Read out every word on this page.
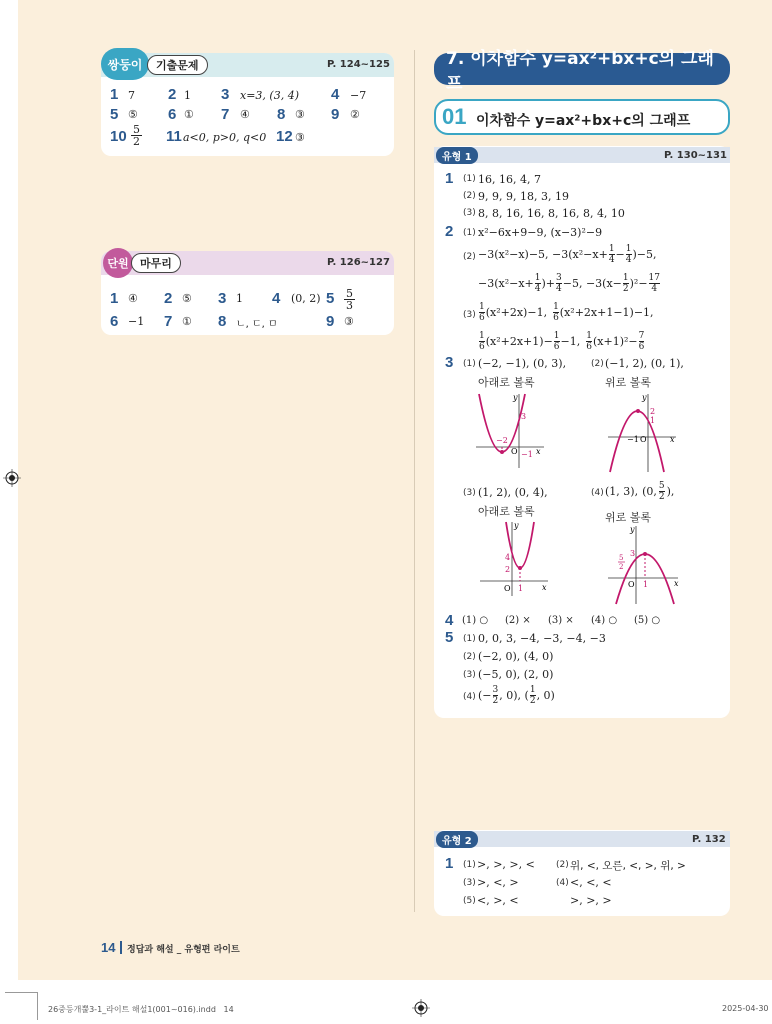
쌍둥이	기출문제	P. 124~125
1 7 2 1 3 x=3, (3, 4) 4 −7
5 ⑤ 6 ① 7 ④ 8 ③ 9 ②
$10 \frac{5}{2} 11$ a<0, p>0, q<0 12 ③
단원	마무리	P. 126~127
1 ④ 2 ⑤ 3 1 4 (0, 2) $5 \frac{5}{3}$
6 −1 7 ① 8 ㄴ, ㄷ, ㅁ	9 ③
7. 이차함수 y=ax²+bx+c의 그래프
01 이차함수 y=ax²+bx+c의 그래프
유형 1	P. 130~131
1 (1) 16, 16, 4, 7
(2) 9, 9, 9, 18, 3, 19
(3) 8, 8, 16, 16, 8, 16, 8, 4, 10
2 (1) x²−6x+9−9, (x−3)²−9
(2) −3(x²−x)−5, $-3(x^2-x+ \frac{1}{4} - \frac{1}{4} )-5$,
$-3(x^2-x+ \frac{1}{4}$ )+ $\frac{3}{4} -5$, $-3(x- \frac{1}{2} )^2- \frac{17}{4}$
$(3) \frac{1}{6} (x^2+2x)-1$, $\frac{1}{6} (x^2+2x+1-1)-1$,
$\frac{1}{6} (x^2+2x+1)- \frac{1}{6} -1$, $\frac{1}{6} (x+1)^2- \frac{7}{6}$
3 (1) (−2, −1), (0, 3),
아래로 볼록
(2) (−1, 2), (0, 1),
위로 볼록
3
−2
O −1 x
y
2
1
−1 O	x
y
(3) (1, 2), (0, 4),
아래로 볼록
(4) (1, 3), (0, $\frac{5}{2}$ ),
위로 볼록
4
2
O 1 x
y
3
5
2
O 1	x
y
4 (1) ○ (2) × (3) × (4) ○ (5) ○
5 (1) 0, 0, 3, −4, −3, −4, −3
(2) (−2, 0), (4, 0)
(3) (−5, 0), (2, 0)
(4) (− $\frac{3}{2}$ , 0), ( $\frac{1}{2}$ , 0)
유형 2	P. 132
1 (1) >, >, >, < (2) 위, <, 오른, <, >, 위, >
(3) >, <, >	(4) <, <, <
(5) <, >, <	>, >, >
14 정답과 해설 _ 유형편 라이트
26중등개뿔3-1_라이트 해설1(001~016).indd   14	2025-04-30
